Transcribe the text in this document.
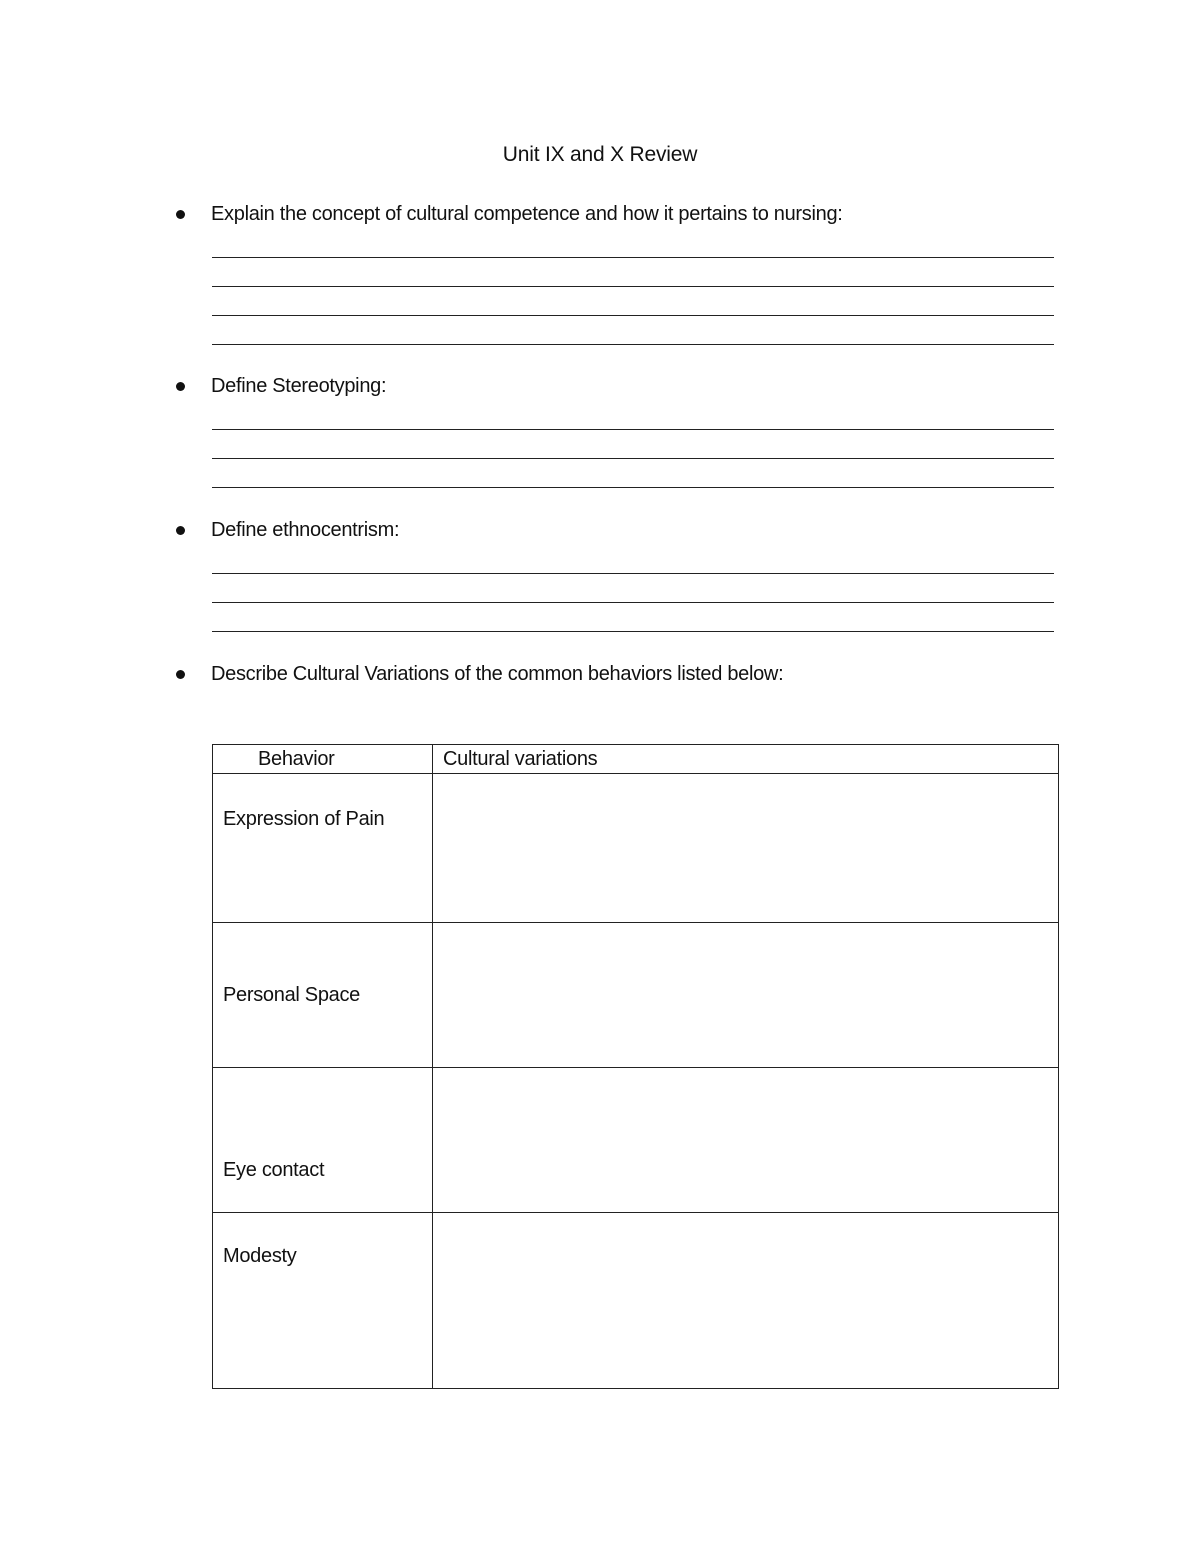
Unit IX and X Review
Explain the concept of cultural competence and how it pertains to nursing:
Define Stereotyping:
Define ethnocentrism:
Describe Cultural Variations of the common behaviors listed below:
Behavior	Cultural variations
Expression of Pain	
Personal Space	
Eye contact	
Modesty	
